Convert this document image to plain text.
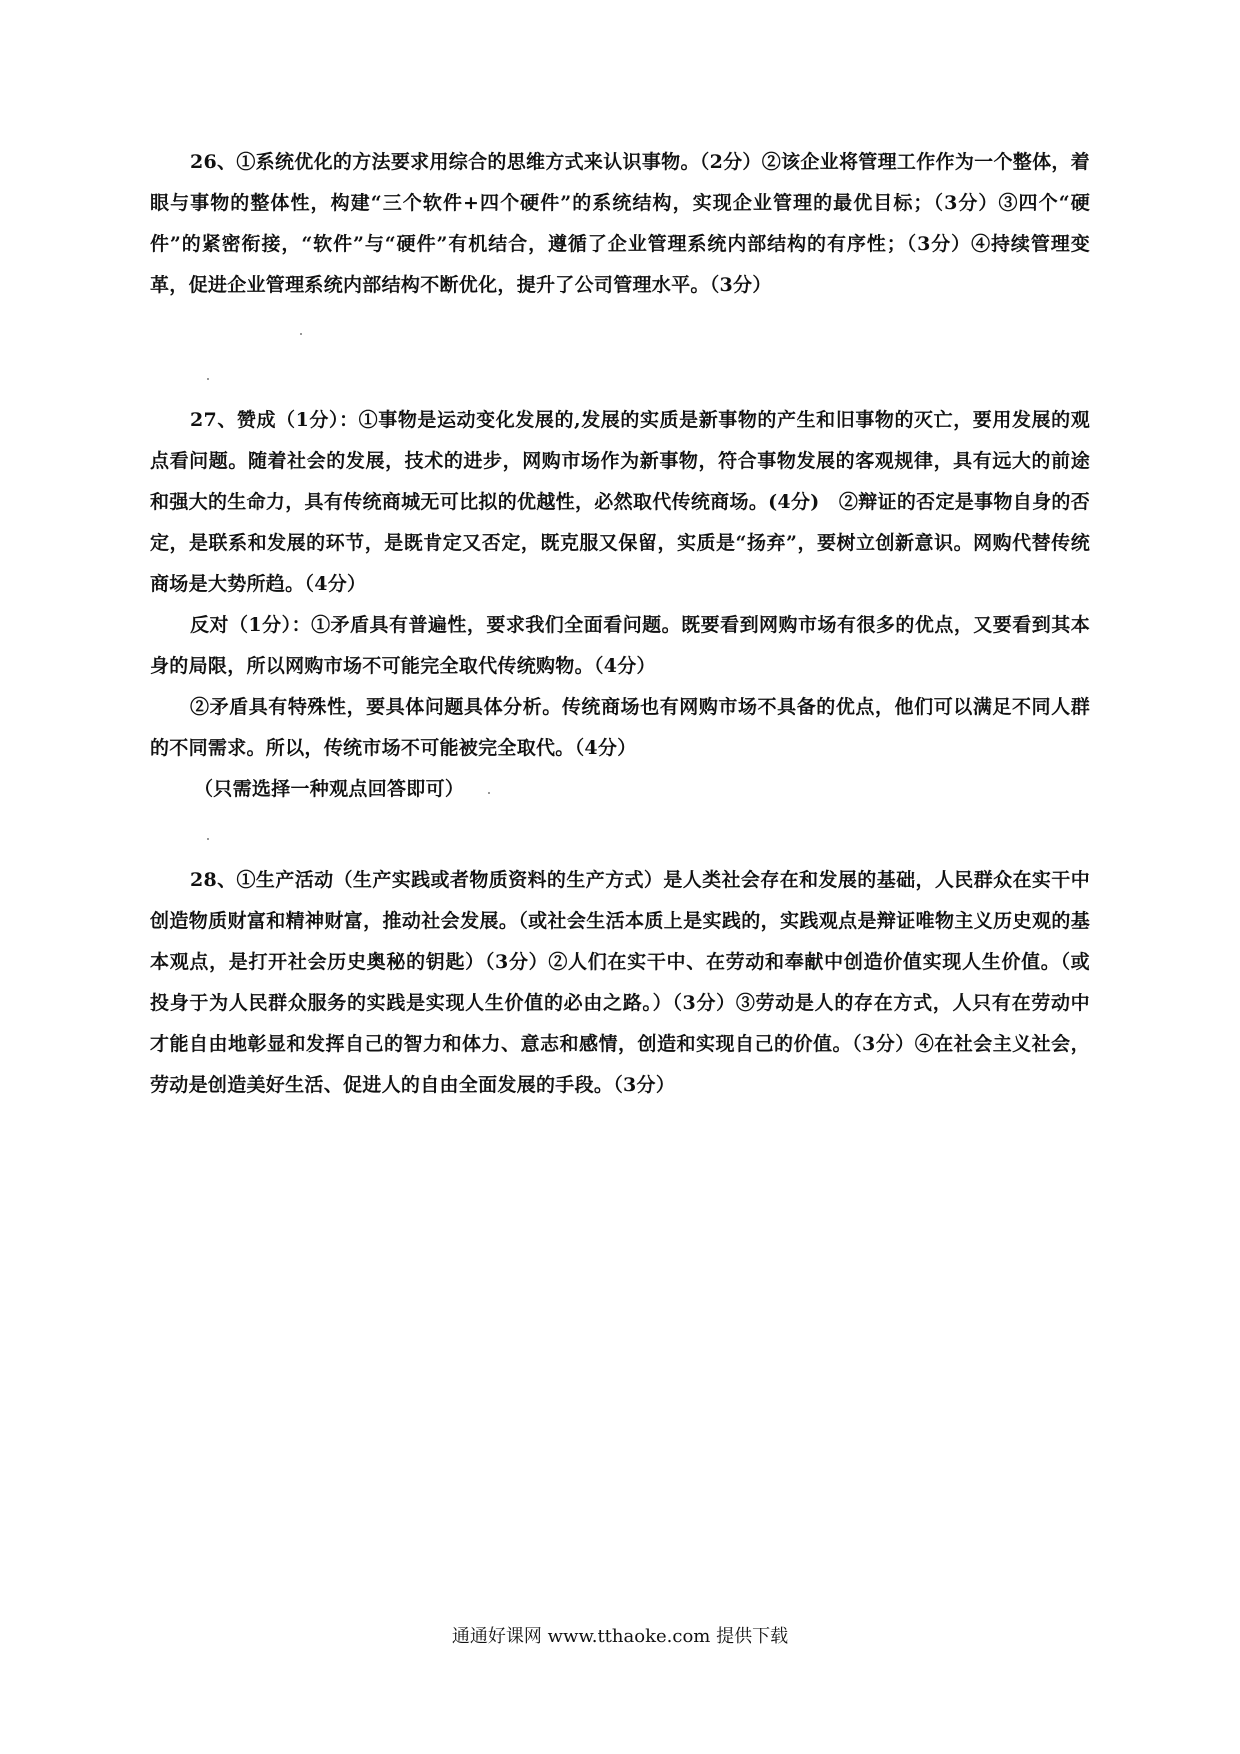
26、①系统优化的方法要求用综合的思维方式来认识事物。（2分）②该企业将管理工作作为一个整体，着眼与事物的整体性，构建“三个软件+四个硬件”的系统结构，实现企业管理的最优目标；（3分）③四个“硬件”的紧密衔接，“软件”与“硬件”有机结合，遵循了企业管理系统内部结构的有序性；（3分）④持续管理变革，促进企业管理系统内部结构不断优化，提升了公司管理水平。（3分）

27、赞成（1分）：①事物是运动变化发展的,发展的实质是新事物的产生和旧事物的灭亡，要用发展的观点看问题。随着社会的发展，技术的进步，网购市场作为新事物，符合事物发展的客观规律，具有远大的前途和强大的生命力，具有传统商城无可比拟的优越性，必然取代传统商场。(4分)　②辩证的否定是事物自身的否定，是联系和发展的环节，是既肯定又否定，既克服又保留，实质是“扬弃”，要树立创新意识。网购代替传统商场是大势所趋。（4分）

反对（1分）：①矛盾具有普遍性，要求我们全面看问题。既要看到网购市场有很多的优点，又要看到其本身的局限，所以网购市场不可能完全取代传统购物。（4分）

②矛盾具有特殊性，要具体问题具体分析。传统商场也有网购市场不具备的优点，他们可以满足不同人群的不同需求。所以，传统市场不可能被完全取代。（4分）

（只需选择一种观点回答即可）

28、①生产活动（生产实践或者物质资料的生产方式）是人类社会存在和发展的基础，人民群众在实干中创造物质财富和精神财富，推动社会发展。（或社会生活本质上是实践的，实践观点是辩证唯物主义历史观的基本观点，是打开社会历史奥秘的钥匙）（3分）②人们在实干中、在劳动和奉献中创造价值实现人生价值。（或投身于为人民群众服务的实践是实现人生价值的必由之路。）（3分）③劳动是人的存在方式，人只有在劳动中才能自由地彰显和发挥自己的智力和体力、意志和感情，创造和实现自己的价值。（3分）④在社会主义社会，劳动是创造美好生活、促进人的自由全面发展的手段。（3分）

通通好课网 www.tthaoke.com 提供下载
